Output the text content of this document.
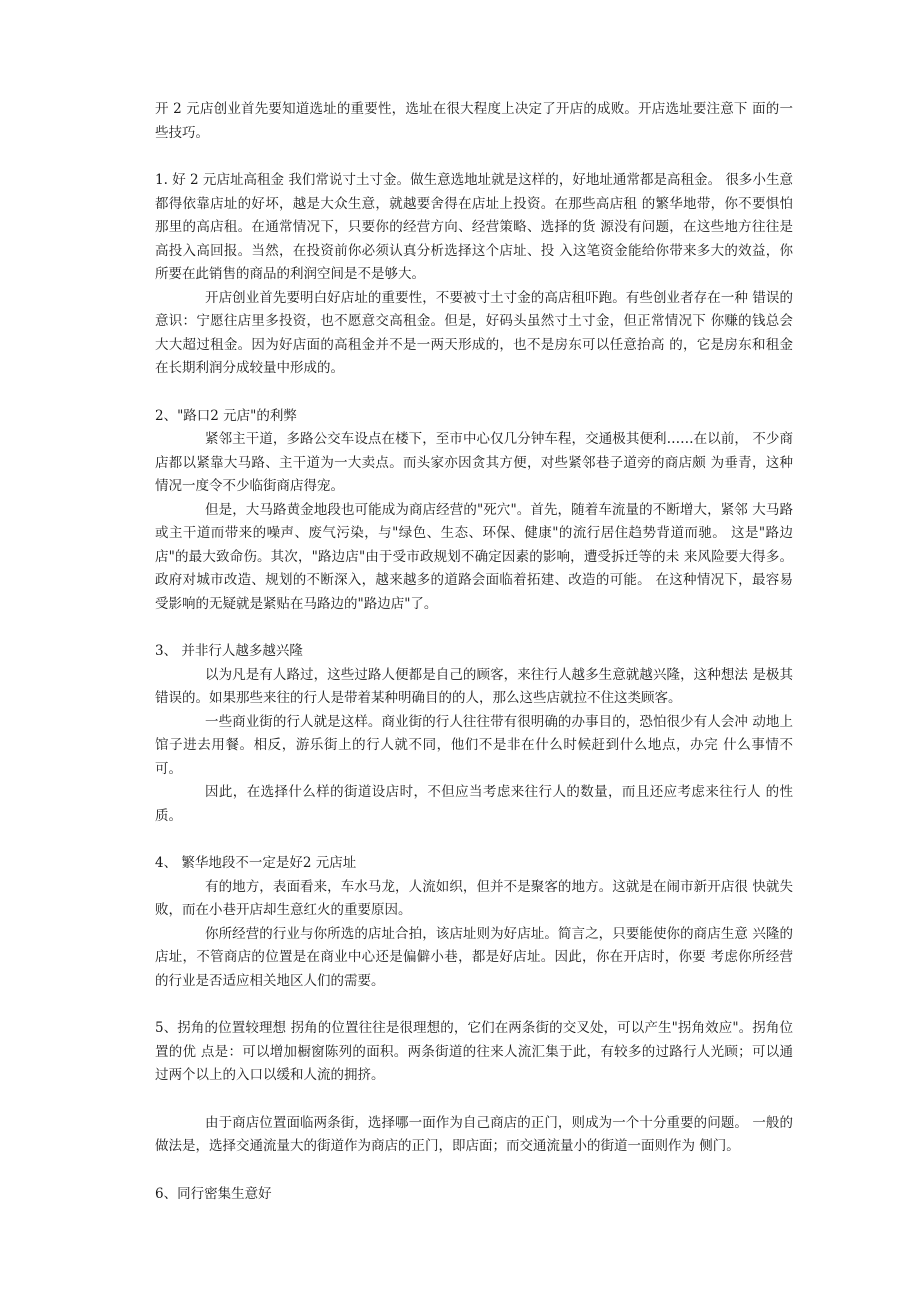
开 2 元店创业首先要知道选址的重要性，选址在很大程度上决定了开店的成败。开店选址要注意下 面的一些技巧。

1. 好 2 元店址高租金 我们常说寸土寸金。做生意选地址就是这样的，好地址通常都是高租金。 很多小生意都得依靠店址的好坏，越是大众生意，就越要舍得在店址上投资。在那些高店租 的繁华地带，你不要惧怕那里的高店租。在通常情况下，只要你的经营方向、经营策略、选择的货 源没有问题，在这些地方往往是高投入高回报。当然，在投资前你必须认真分析选择这个店址、投 入这笔资金能给你带来多大的效益，你所要在此销售的商品的利润空间是不是够大。

开店创业首先要明白好店址的重要性，不要被寸土寸金的高店租吓跑。有些创业者存在一种 错误的意识：宁愿往店里多投资，也不愿意交高租金。但是，好码头虽然寸土寸金，但正常情况下 你赚的钱总会大大超过租金。因为好店面的高租金并不是一两天形成的，也不是房东可以任意抬高 的，它是房东和租金在长期利润分成较量中形成的。

2、"路口2 元店"的利弊

紧邻主干道，多路公交车设点在楼下，至市中心仅几分钟车程，交通极其便利……在以前， 不少商店都以紧靠大马路、主干道为一大卖点。而头家亦因贪其方便，对些紧邻巷子道旁的商店颇 为垂青，这种情况一度令不少临街商店得宠。

但是，大马路黄金地段也可能成为商店经营的"死穴"。首先，随着车流量的不断增大，紧邻 大马路或主干道而带来的噪声、废气污染，与"绿色、生态、环保、健康"的流行居住趋势背道而驰。 这是"路边店"的最大致命伤。其次，"路边店"由于受市政规划不确定因素的影响，遭受拆迁等的未 来风险要大得多。政府对城市改造、规划的不断深入，越来越多的道路会面临着拓建、改造的可能。 在这种情况下，最容易受影响的无疑就是紧贴在马路边的"路边店"了。

3、 并非行人越多越兴隆

以为凡是有人路过，这些过路人便都是自己的顾客，来往行人越多生意就越兴隆，这种想法 是极其错误的。如果那些来往的行人是带着某种明确目的的人，那么这些店就拉不住这类顾客。

一些商业街的行人就是这样。商业街的行人往往带有很明确的办事目的，恐怕很少有人会冲 动地上馆子进去用餐。相反，游乐街上的行人就不同，他们不是非在什么时候赶到什么地点，办完 什么事情不可。

因此，在选择什么样的街道设店时，不但应当考虑来往行人的数量，而且还应考虑来往行人 的性质。

4、 繁华地段不一定是好2 元店址

有的地方，表面看来，车水马龙，人流如织，但并不是聚客的地方。这就是在闹市新开店很 快就失败，而在小巷开店却生意红火的重要原因。

你所经营的行业与你所选的店址合拍，该店址则为好店址。简言之，只要能使你的商店生意 兴隆的店址，不管商店的位置是在商业中心还是偏僻小巷，都是好店址。因此，你在开店时，你要 考虑你所经营的行业是否适应相关地区人们的需要。

5、拐角的位置较理想 拐角的位置往往是很理想的，它们在两条街的交叉处，可以产生"拐角效应"。拐角位置的优 点是：可以增加橱窗陈列的面积。两条街道的往来人流汇集于此，有较多的过路行人光顾；可以通过两个以上的入口以缓和人流的拥挤。

由于商店位置面临两条街，选择哪一面作为自己商店的正门，则成为一个十分重要的问题。 一般的做法是，选择交通流量大的街道作为商店的正门，即店面；而交通流量小的街道一面则作为 侧门。

6、同行密集生意好
